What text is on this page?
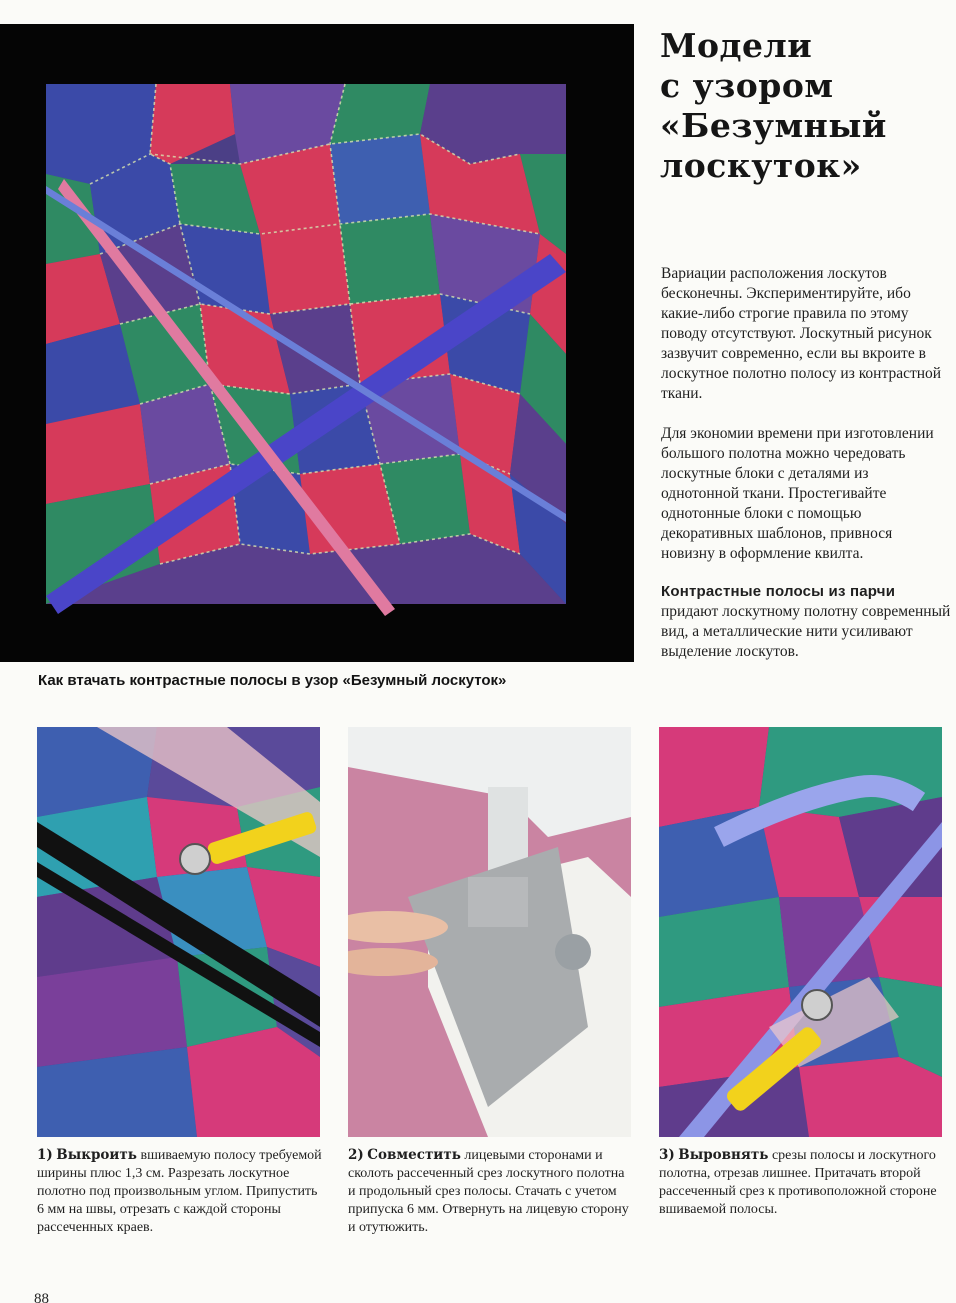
Модели
с узором
«Безумный
лоскуток»

Вариации расположения лоскутов бесконечны. Экспериментируйте, ибо какие-либо строгие правила по этому поводу отсутствуют. Лоскутный рисунок зазвучит современно, если вы вкроите в лоскутное полотно полосу из контрастной ткани.

Для экономии времени при изготовлении большого полотна можно чередовать лоскутные блоки с деталями из однотонной ткани. Простегивайте однотонные блоки с помощью декоративных шаблонов, привнося новизну в оформление квилта.

Контрастные полосы из парчи придают лоскутному полотну современный вид, а металлические нити усиливают выделение лоскутов.

Как втачать контрастные полосы в узор «Безумный лоскуток»

1) Выкроить вшиваемую полосу требуемой ширины плюс 1,3 см. Разрезать лоскутное полотно под произвольным углом. Припустить 6 мм на швы, отрезать с каждой стороны рассеченных краев.

2) Совместить лицевыми сторонами и сколоть рассеченный срез лоскутного полотна и продольный срез полосы. Стачать с учетом припуска 6 мм. Отвернуть на лицевую сторону и отутюжить.

3) Выровнять срезы полосы и лоскутного полотна, отрезав лишнее. Притачать второй рассеченный срез к противоположной стороне вшиваемой полосы.

88
